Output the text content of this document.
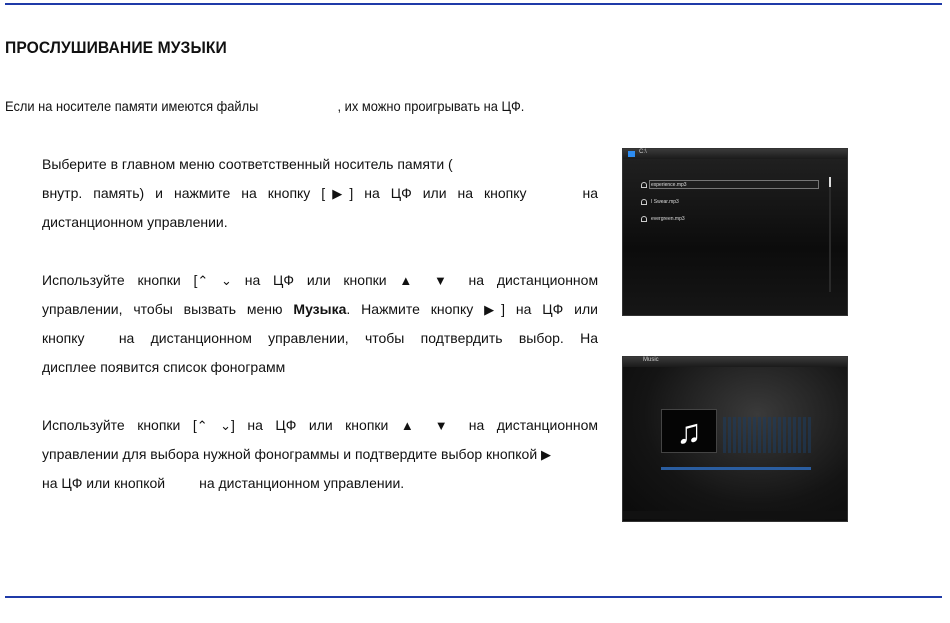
ПРОСЛУШИВАНИЕ МУЗЫКИ
Если на носителе памяти имеются файлы	, их можно проигрывать на ЦФ.
Выберите в главном меню соответственный носитель памяти (
внутр. память) и нажмите на кнопку [▶] на ЦФ или на кнопку	на
дистанционном управлении.
Используйте кнопки [⌃ ⌄ на ЦФ или кнопки ▲ ▼ на дистанционном
управлении, чтобы вызвать меню Музыка. Нажмите кнопку ▶] на ЦФ или
кнопку на дистанционном управлении, чтобы подтвердить выбор. На
дисплее появится список фонограмм
Используйте кнопки [⌃ ⌄] на ЦФ или кнопки ▲ ▼ на дистанционном
управлении для выбора нужной фонограммы и подтвердите выбор кнопкой ▶
на ЦФ или кнопкой на дистанционном управлении.
C:\
experience.mp3
I Swear.mp3
evergreen.mp3
Music
♫
